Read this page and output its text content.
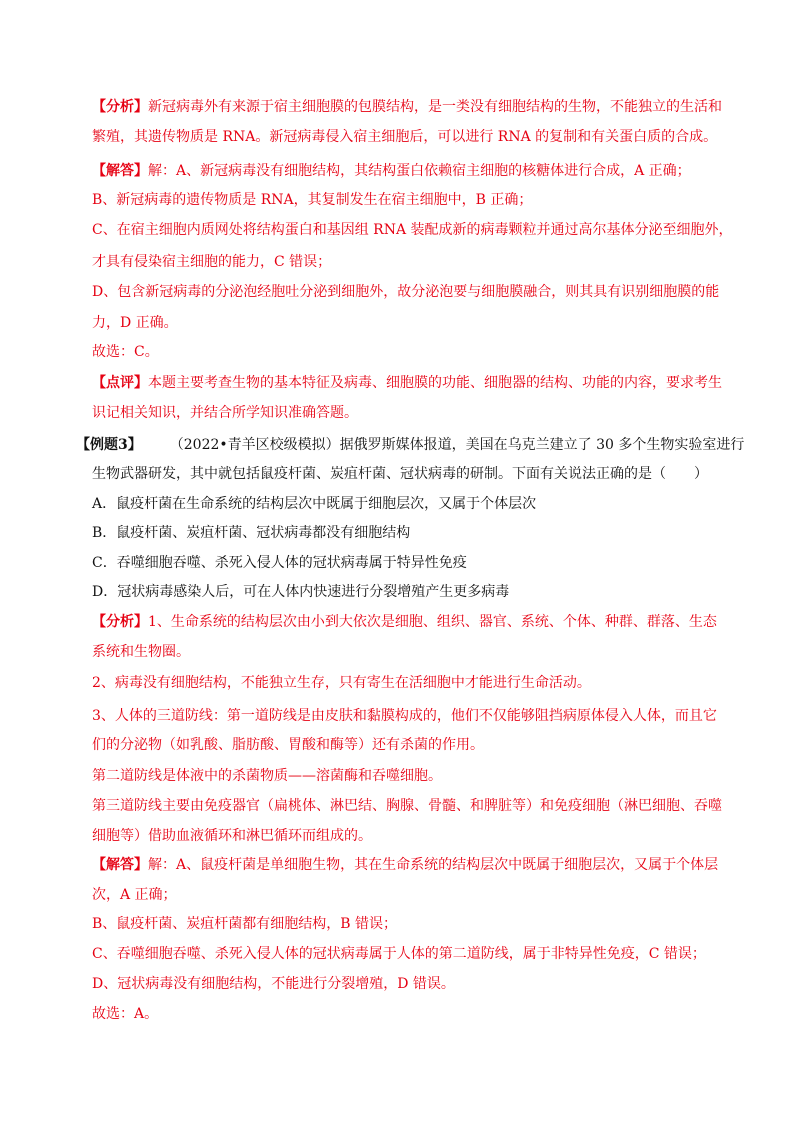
【分析】新冠病毒外有来源于宿主细胞膜的包膜结构，是一类没有细胞结构的生物，不能独立的生活和
繁殖，其遗传物质是 RNA。新冠病毒侵入宿主细胞后，可以进行 RNA 的复制和有关蛋白质的合成。
【解答】解：A、新冠病毒没有细胞结构，其结构蛋白依赖宿主细胞的核糖体进行合成，A 正确；
B、新冠病毒的遗传物质是 RNA，其复制发生在宿主细胞中，B 正确；
C、在宿主细胞内质网处将结构蛋白和基因组 RNA 装配成新的病毒颗粒并通过高尔基体分泌至细胞外，
才具有侵染宿主细胞的能力，C 错误；
D、包含新冠病毒的分泌泡经胞吐分泌到细胞外，故分泌泡要与细胞膜融合，则其具有识别细胞膜的能
力，D 正确。
故选：C。
【点评】本题主要考查生物的基本特征及病毒、细胞膜的功能、细胞器的结构、功能的内容，要求考生
识记相关知识，并结合所学知识准确答题。
【例题3】 （2022•青羊区校级模拟）据俄罗斯媒体报道，美国在乌克兰建立了 30 多个生物实验室进行
生物武器研发，其中就包括鼠疫杆菌、炭疽杆菌、冠状病毒的研制。下面有关说法正确的是（　　）
A．鼠疫杆菌在生命系统的结构层次中既属于细胞层次，又属于个体层次
B．鼠疫杆菌、炭疽杆菌、冠状病毒都没有细胞结构
C．吞噬细胞吞噬、杀死入侵人体的冠状病毒属于特异性免疫
D．冠状病毒感染人后，可在人体内快速进行分裂增殖产生更多病毒
【分析】1、生命系统的结构层次由小到大依次是细胞、组织、器官、系统、个体、种群、群落、生态
系统和生物圈。
2、病毒没有细胞结构，不能独立生存，只有寄生在活细胞中才能进行生命活动。
3、人体的三道防线：第一道防线是由皮肤和黏膜构成的，他们不仅能够阻挡病原体侵入人体，而且它
们的分泌物（如乳酸、脂肪酸、胃酸和酶等）还有杀菌的作用。
第二道防线是体液中的杀菌物质——溶菌酶和吞噬细胞。
第三道防线主要由免疫器官（扁桃体、淋巴结、胸腺、骨髓、和脾脏等）和免疫细胞（淋巴细胞、吞噬
细胞等）借助血液循环和淋巴循环而组成的。
【解答】解：A、鼠疫杆菌是单细胞生物，其在生命系统的结构层次中既属于细胞层次，又属于个体层
次，A 正确；
B、鼠疫杆菌、炭疽杆菌都有细胞结构，B 错误；
C、吞噬细胞吞噬、杀死入侵人体的冠状病毒属于人体的第二道防线，属于非特异性免疫，C 错误；
D、冠状病毒没有细胞结构，不能进行分裂增殖，D 错误。
故选：A。
